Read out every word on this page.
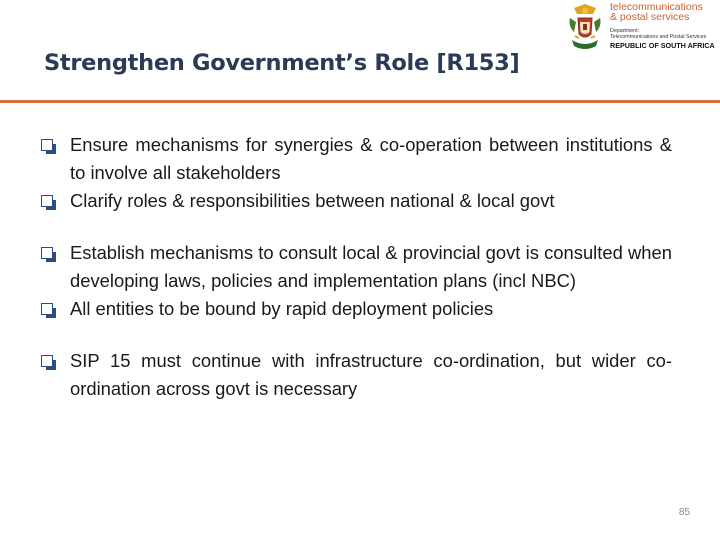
telecommunications
& postal services
Department:
Telecommunications and Postal Services
REPUBLIC OF SOUTH AFRICA
Strengthen Government’s Role [R153]
Ensure mechanisms for synergies & co-operation between institutions & to involve all stakeholders
Clarify roles & responsibilities between national & local govt
Establish mechanisms to consult local & provincial govt is consulted when developing laws, policies and implementation plans (incl NBC)
All entities to be bound by rapid deployment policies
SIP 15 must continue with infrastructure co-ordination, but wider co-ordination across govt is necessary
85
